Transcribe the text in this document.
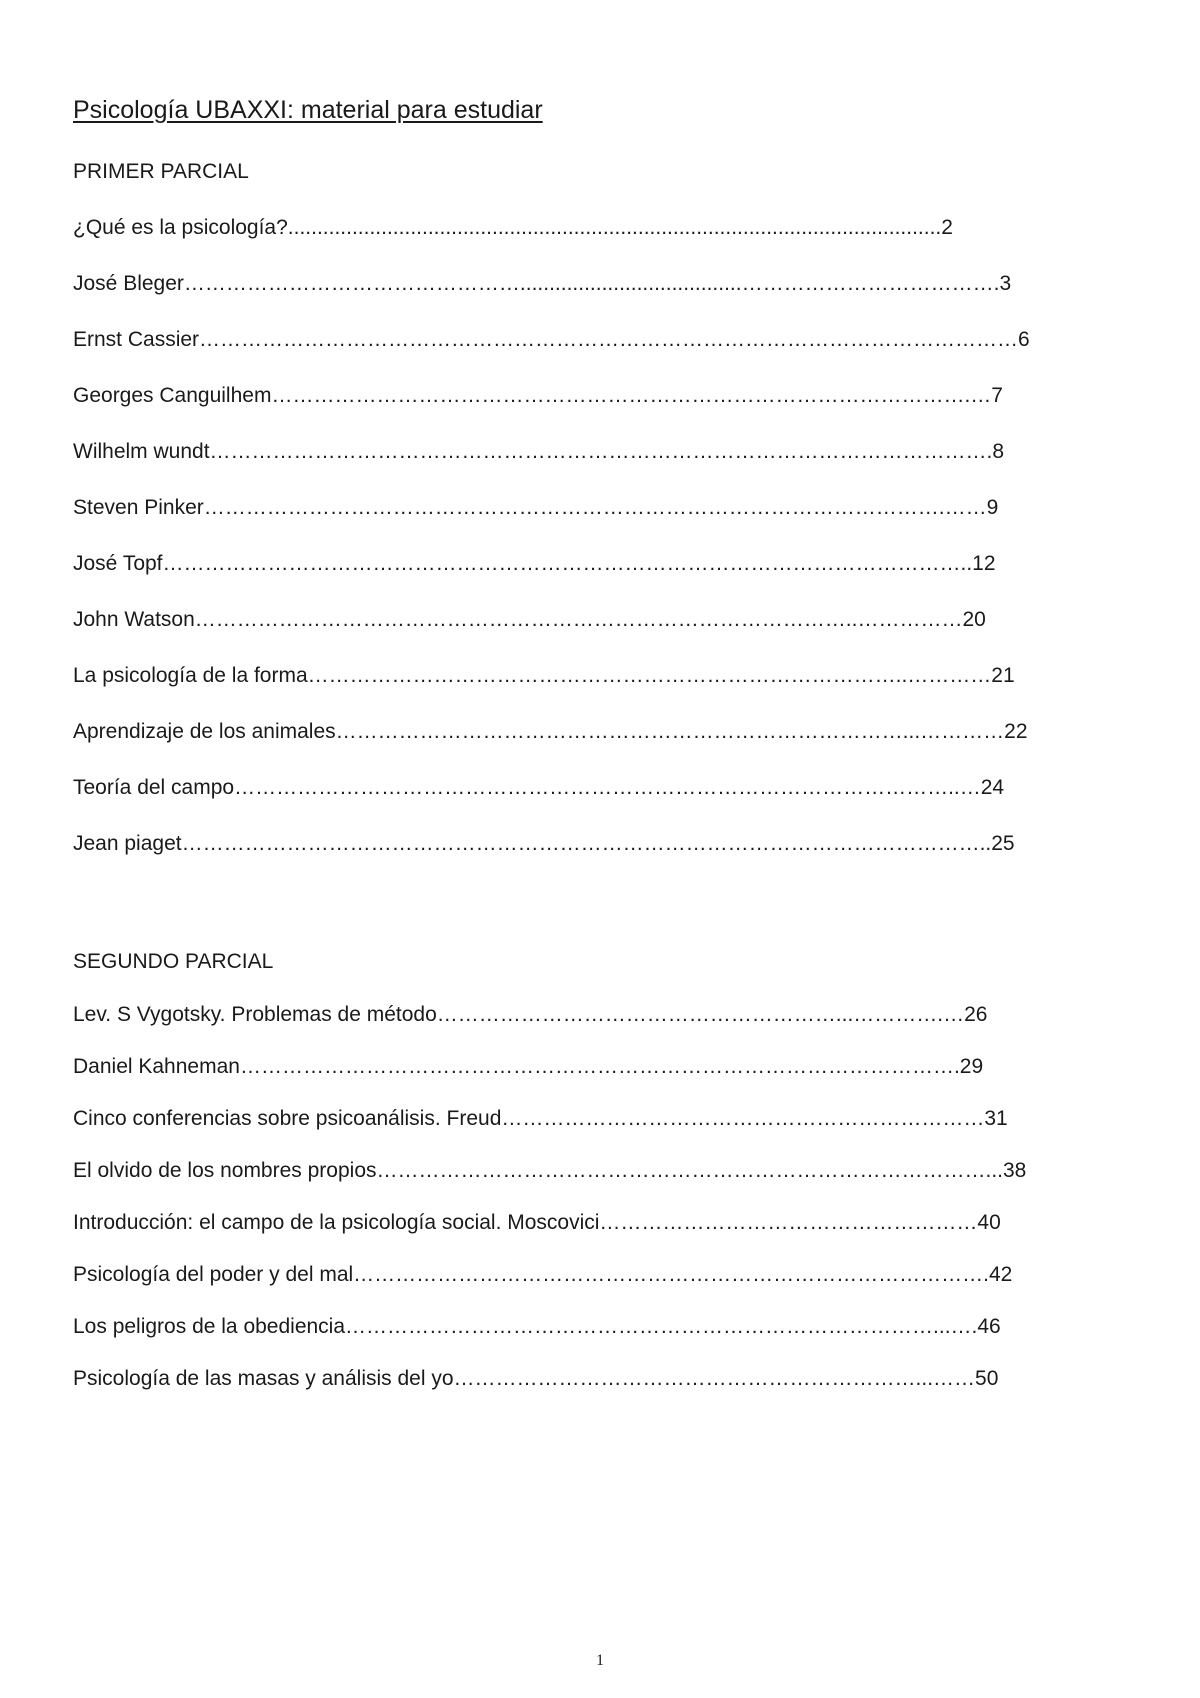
Psicología UBAXXI: material para estudiar
PRIMER PARCIAL
¿Qué es la psicología?................................................................................................................2
José Bleger…………………………………………......................................……………………………….3
Ernst Cassier………………………………………………………………………………………………………6
Georges Canguilhem……………………………………………………………………………………….…7
Wilhelm wundt………………………………………………………………………………………………….8
Steven Pinker…………………………………………………………………………………………….……9
José Topf……………………………………………………………………………………………………..12
John Watson…………………………………………………………………………………..……………20
La psicología de la forma…………………………………………………………………………..…………21
Aprendizaje de los animales………………………………………………………………………...…………22
Teoría del campo…………………………………………………………………………………………..…24
Jean piaget……………………………………………………………………………………………………..25
SEGUNDO PARCIAL
Lev. S Vygotsky. Problemas de método…………………………………………………...………….…26
Daniel Kahneman………………………………………………………………………………………….29
Cinco conferencias sobre psicoanálisis. Freud……………………………………………………………31
El olvido de los nombres propios……………………………………………………………………………...38
Introducción: el campo de la psicología social. Moscovici………………………………………………40
Psicología del poder y del mal……………………………………………………………………………….42
Los peligros de la obediencia…………………………………………………………………………...….46
Psicología de las masas y análisis del yo…………………………………………………………...……50
1
